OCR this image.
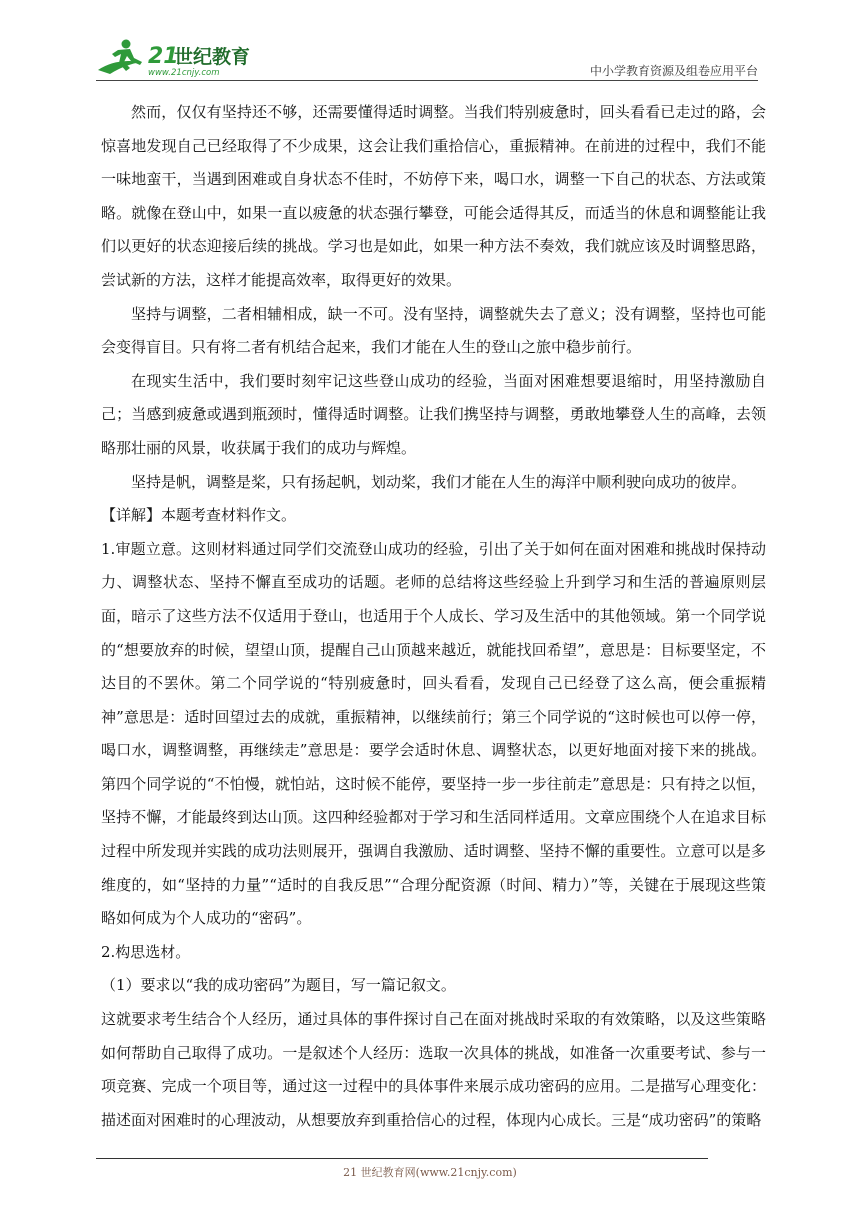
21
世纪教育
www.21cnjy.com	中小学教育资源及组卷应用平台

然而，仅仅有坚持还不够，还需要懂得适时调整。当我们特别疲惫时，回头看看已走过的路，会惊喜地发现自己已经取得了不少成果，这会让我们重拾信心，重振精神。在前进的过程中，我们不能一味地蛮干，当遇到困难或自身状态不佳时，不妨停下来，喝口水，调整一下自己的状态、方法或策略。就像在登山中，如果一直以疲惫的状态强行攀登，可能会适得其反，而适当的休息和调整能让我们以更好的状态迎接后续的挑战。学习也是如此，如果一种方法不奏效，我们就应该及时调整思路，尝试新的方法，这样才能提高效率，取得更好的效果。

坚持与调整，二者相辅相成，缺一不可。没有坚持，调整就失去了意义；没有调整，坚持也可能会变得盲目。只有将二者有机结合起来，我们才能在人生的登山之旅中稳步前行。

在现实生活中，我们要时刻牢记这些登山成功的经验，当面对困难想要退缩时，用坚持激励自己；当感到疲惫或遇到瓶颈时，懂得适时调整。让我们携坚持与调整，勇敢地攀登人生的高峰，去领略那壮丽的风景，收获属于我们的成功与辉煌。

坚持是帆，调整是桨，只有扬起帆，划动桨，我们才能在人生的海洋中顺利驶向成功的彼岸。

【详解】本题考查材料作文。

1.审题立意。这则材料通过同学们交流登山成功的经验，引出了关于如何在面对困难和挑战时保持动力、调整状态、坚持不懈直至成功的话题。老师的总结将这些经验上升到学习和生活的普遍原则层面，暗示了这些方法不仅适用于登山，也适用于个人成长、学习及生活中的其他领域。第一个同学说的“想要放弃的时候，望望山顶，提醒自己山顶越来越近，就能找回希望”，意思是：目标要坚定，不达目的不罢休。第二个同学说的“特别疲惫时，回头看看，发现自己已经登了这么高，便会重振精神”意思是：适时回望过去的成就，重振精神，以继续前行；第三个同学说的“这时候也可以停一停，喝口水，调整调整，再继续走”意思是：要学会适时休息、调整状态，以更好地面对接下来的挑战。第四个同学说的“不怕慢，就怕站，这时候不能停，要坚持一步一步往前走”意思是：只有持之以恒，坚持不懈，才能最终到达山顶。这四种经验都对于学习和生活同样适用。文章应围绕个人在追求目标过程中所发现并实践的成功法则展开，强调自我激励、适时调整、坚持不懈的重要性。立意可以是多维度的，如“坚持的力量”“适时的自我反思”“合理分配资源（时间、精力）”等，关键在于展现这些策略如何成为个人成功的“密码”。

2.构思选材。

（1）要求以“我的成功密码”为题目，写一篇记叙文。

这就要求考生结合个人经历，通过具体的事件探讨自己在面对挑战时采取的有效策略，以及这些策略如何帮助自己取得了成功。一是叙述个人经历：选取一次具体的挑战，如准备一次重要考试、参与一项竞赛、完成一个项目等，通过这一过程中的具体事件来展示成功密码的应用。二是描写心理变化：描述面对困难时的心理波动，从想要放弃到重拾信心的过程，体现内心成长。三是“成功密码”的策略

21 世纪教育网(www.21cnjy.com)
